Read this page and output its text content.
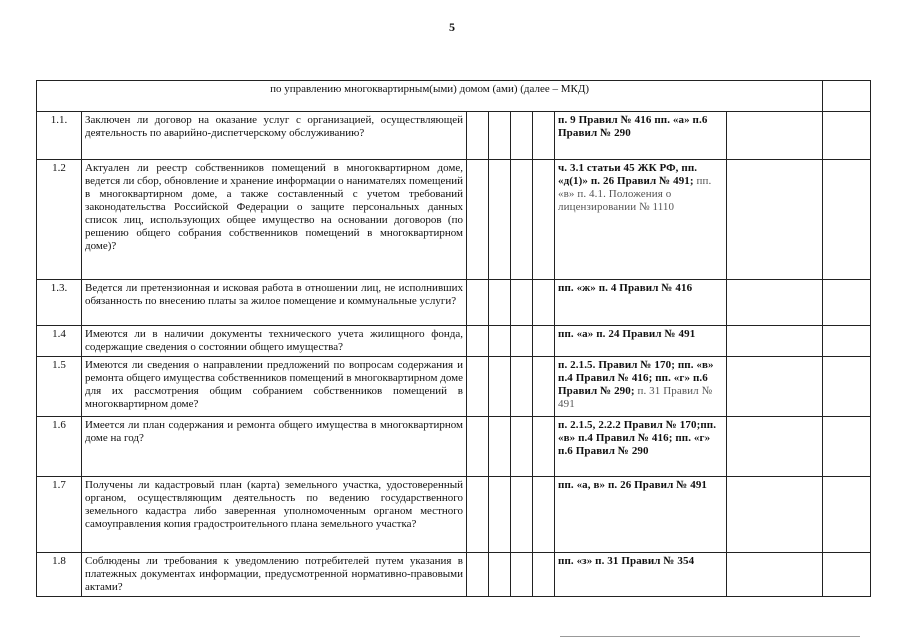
5
по управлению многоквартирным(ыми) домом (ами) (далее – МКД)								
1.1.	Заключен ли договор на оказание услуг с организацией, осуществляющей деятельность по аварийно-диспетчерскому обслуживанию?					п. 9 Правил № 416 пп. «а» п.6 Правил № 290		
1.2	Актуален ли реестр собственников помещений в многоквартирном доме, ведется ли сбор, обновление и хранение информации о нанимателях помещений в многоквартирном доме, а также составленный с учетом требований законодательства Российской Федерации о защите персональных данных список лиц, использующих общее имущество на основании договоров (по решению общего собрания собственников помещений в многоквартирном доме)?					ч. 3.1 статьи 45 ЖК РФ, пп. «д(1)» п. 26 Правил № 491; пп. «в» п. 4.1. Положения о лицензировании № 1110		
1.3.	Ведется ли претензионная и исковая работа в отношении лиц, не исполнивших обязанность по внесению платы за жилое помещение и коммунальные услуги?					пп. «ж» п. 4 Правил № 416		
1.4	Имеются ли в наличии документы технического учета жилищного фонда, содержащие сведения о состоянии общего имущества?					пп. «а» п. 24 Правил № 491		
1.5	Имеются ли сведения о направлении предложений по вопросам содержания и ремонта общего имущества собственников помещений в многоквартирном доме для их рассмотрения общим собранием собственников помещений в многоквартирном доме?					п. 2.1.5. Правил № 170; пп. «в» п.4 Правил № 416; пп. «г» п.6 Правил № 290; п. 31 Правил № 491		
1.6	Имеется ли план содержания и ремонта общего имущества в многоквартирном доме на год?					п. 2.1.5, 2.2.2 Правил № 170;пп. «в» п.4 Правил № 416; пп. «г» п.6 Правил № 290		
1.7	Получены ли кадастровый план (карта) земельного участка, удостоверенный органом, осуществляющим деятельность по ведению государственного земельного кадастра либо заверенная уполномоченным органом местного самоуправления копия градостроительного плана земельного участка?					пп. «а, в» п. 26 Правил № 491		
1.8	Соблюдены ли требования к уведомлению потребителей путем указания в платежных документах информации, предусмотренной нормативно-правовыми актами?					пп. «з» п. 31 Правил № 354		
